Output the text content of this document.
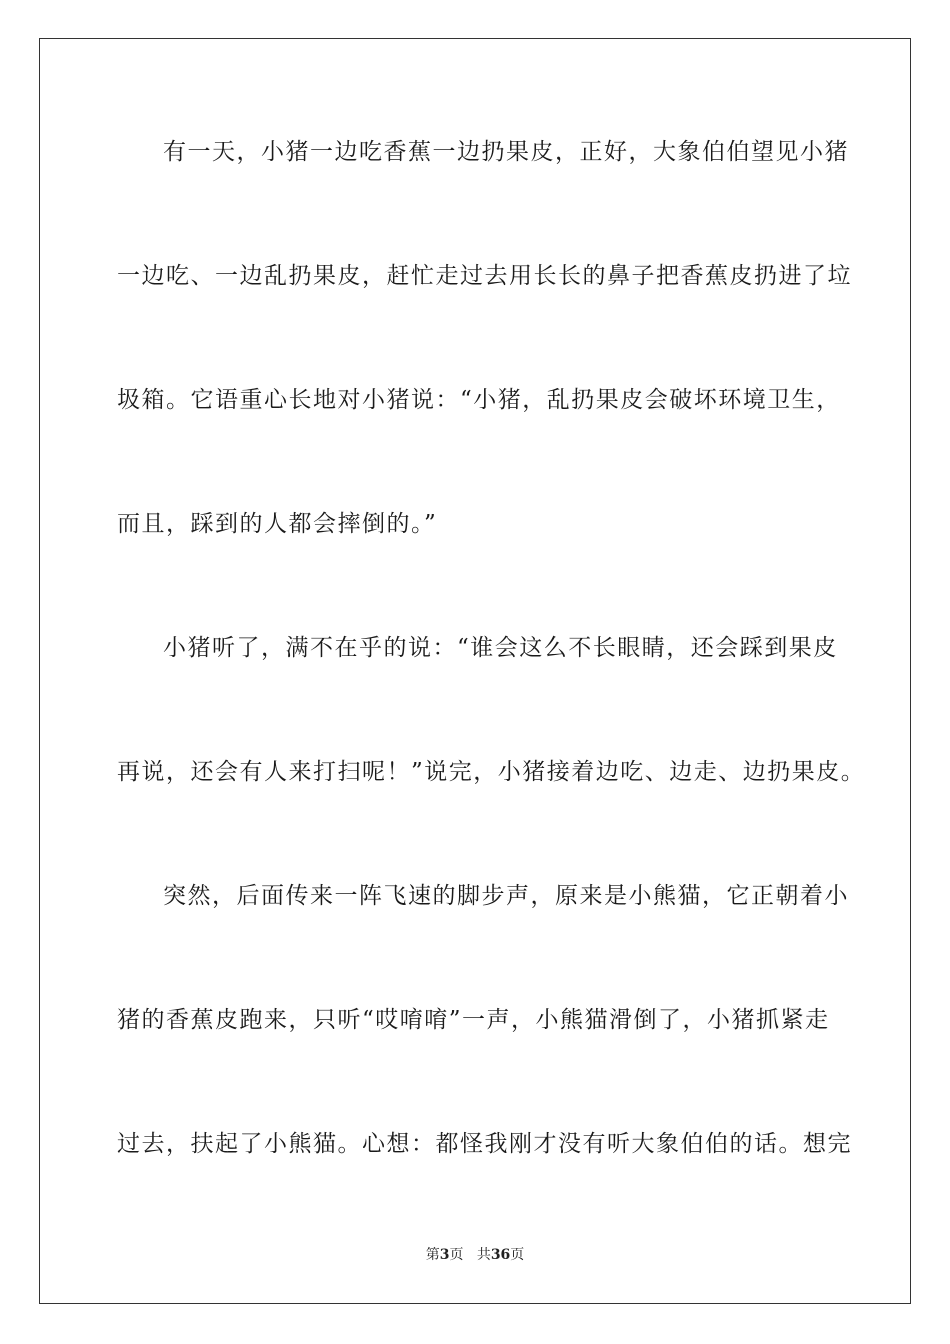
有一天，小猪一边吃香蕉一边扔果皮，正好，大象伯伯望见小猪
一边吃、一边乱扔果皮，赶忙走过去用长长的鼻子把香蕉皮扔进了垃
圾箱。它语重心长地对小猪说：“小猪，乱扔果皮会破坏环境卫生，
而且，踩到的人都会摔倒的。”
小猪听了，满不在乎的说：“谁会这么不长眼睛，还会踩到果皮
再说，还会有人来打扫呢！”说完，小猪接着边吃、边走、边扔果皮。
突然，后面传来一阵飞速的脚步声，原来是小熊猫，它正朝着小
猪的香蕉皮跑来，只听“哎唷唷”一声，小熊猫滑倒了，小猪抓紧走
过去，扶起了小熊猫。心想：都怪我刚才没有听大象伯伯的话。想完
第3页 共36页
